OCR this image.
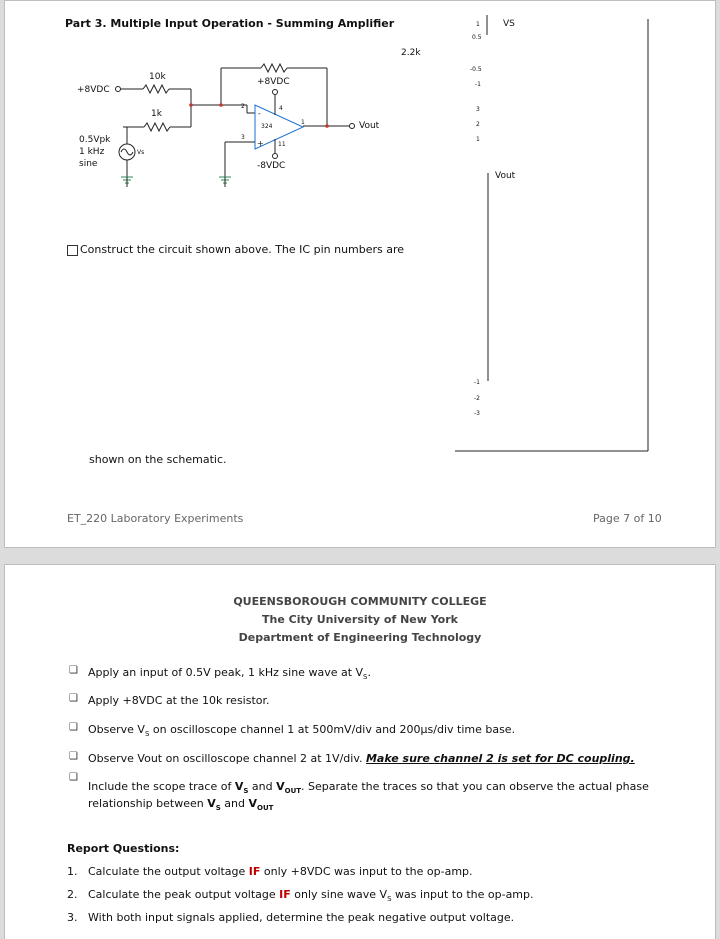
Part 3. Multiple Input Operation - Summing Amplifier
-
+
+8VDC
10k
1k
2.2k
+8VDC
-8VDC
324
2
3
4
11
1
0.5Vpk
1 kHz
sine
Vs
Vout
VS
Vout
1
0.5
-0.5
-1
3
2
1
-1
-2
-3
Construct the circuit shown above. The IC pin numbers are
shown on the schematic.
ET_220 Laboratory Experiments	Page 7 of 10
QUEENSBOROUGH COMMUNITY COLLEGE
The City University of New York
Department of Engineering Technology
❑ Apply an input of 0.5V peak, 1 kHz sine wave at $V_S$.
❑ Apply +8VDC at the 10k resistor.
❑ Observe $V_S$ on oscilloscope channel 1 at 500mV/div and 200µs/div time base.
❑ Observe Vout on oscilloscope channel 2 at 1V/div. Make sure channel 2 is set for DC coupling.
❑
Include the scope trace of $V_S$ and $V_{OUT}$. Separate the traces so that you can observe the actual phase
relationship between $V_S$ and $V_{OUT}$
Report Questions:
1. Calculate the output voltage IF only +8VDC was input to the op-amp.
2. Calculate the peak output voltage IF only sine wave $V_S$ was input to the op-amp.
3. With both input signals applied, determine the peak negative output voltage.
